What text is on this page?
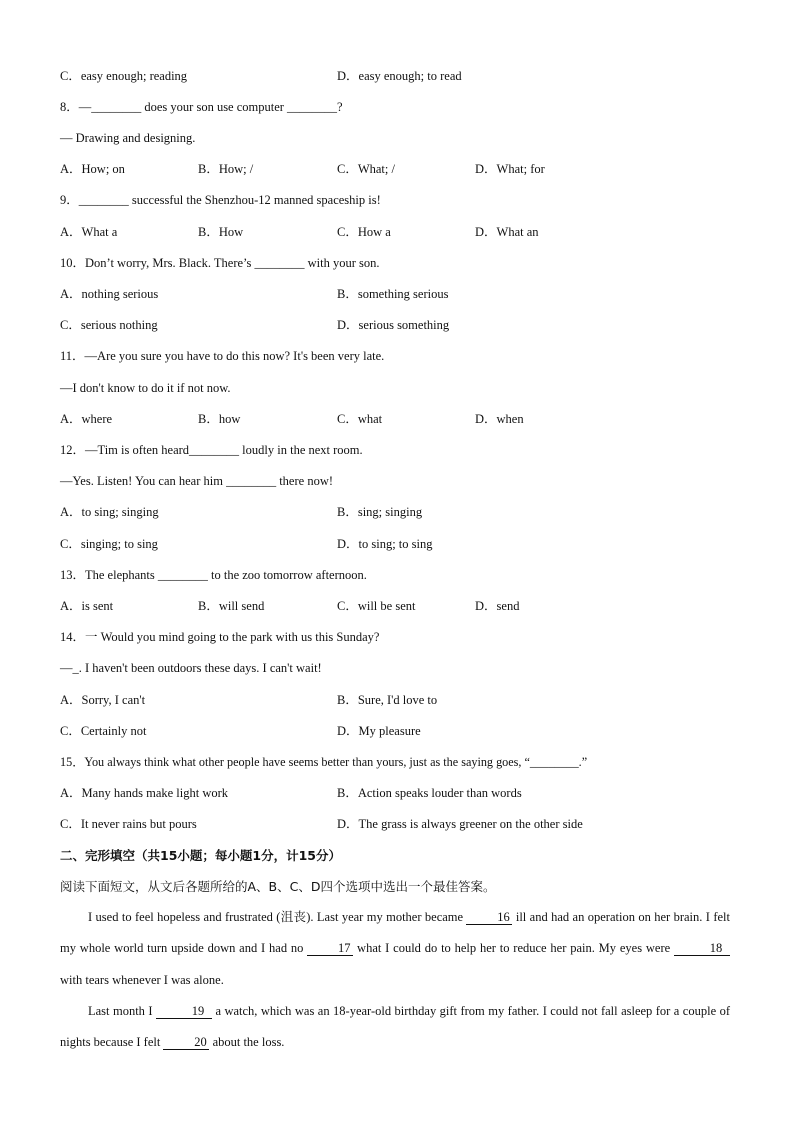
C．easy enough; reading	D．easy enough; to read
8．—________ does your son use computer ________?
— Drawing and designing.
A．How; on	B．How; /	C．What; /	D．What; for
9．________ successful the Shenzhou-12 manned spaceship is!
A．What a	B．How	C．How a	D．What an
10．Don’t worry, Mrs. Black. There’s ________ with your son.
A．nothing serious	B．something serious
C．serious nothing	D．serious something
11．—Are you sure you have to do this now? It's been very late.
—I don't know to do it if not now.
A．where	B．how	C．what	D．when
12．—Tim is often heard________ loudly in the next room.
—Yes. Listen! You can hear him ________ there now!
A．to sing; singing	B．sing; singing
C．singing; to sing	D．to sing; to sing
13．The elephants ________ to the zoo tomorrow afternoon.
A．is sent	B．will send	C．will be sent	D．send
14．一 Would you mind going to the park with us this Sunday?
—_. I haven't been outdoors these days. I can't wait!
A．Sorry, I can't	B．Sure, I'd love to
C．Certainly not	D．My pleasure
15．You always think what other people have seems better than yours, just as the saying goes, “________.”
A．Many hands make light work	B．Action speaks louder than words
C．It never rains but pours	D．The grass is always greener on the other side
二、完形填空（共15小题；每小题1分，计15分）
阅读下面短文，从文后各题所给的A、B、C、D四个选项中选出一个最佳答案。
I used to feel hopeless and frustrated (沮丧). Last year my mother became 16 ill and had an operation on her brain. I felt my whole world turn upside down and I had no 17 what I could do to help her to reduce her pain. My eyes were	18 with tears whenever I was alone.
Last month I	19 a watch, which was an 18-year-old birthday gift from my father. I could not fall asleep for a couple of nights because I felt 20 about the loss.
